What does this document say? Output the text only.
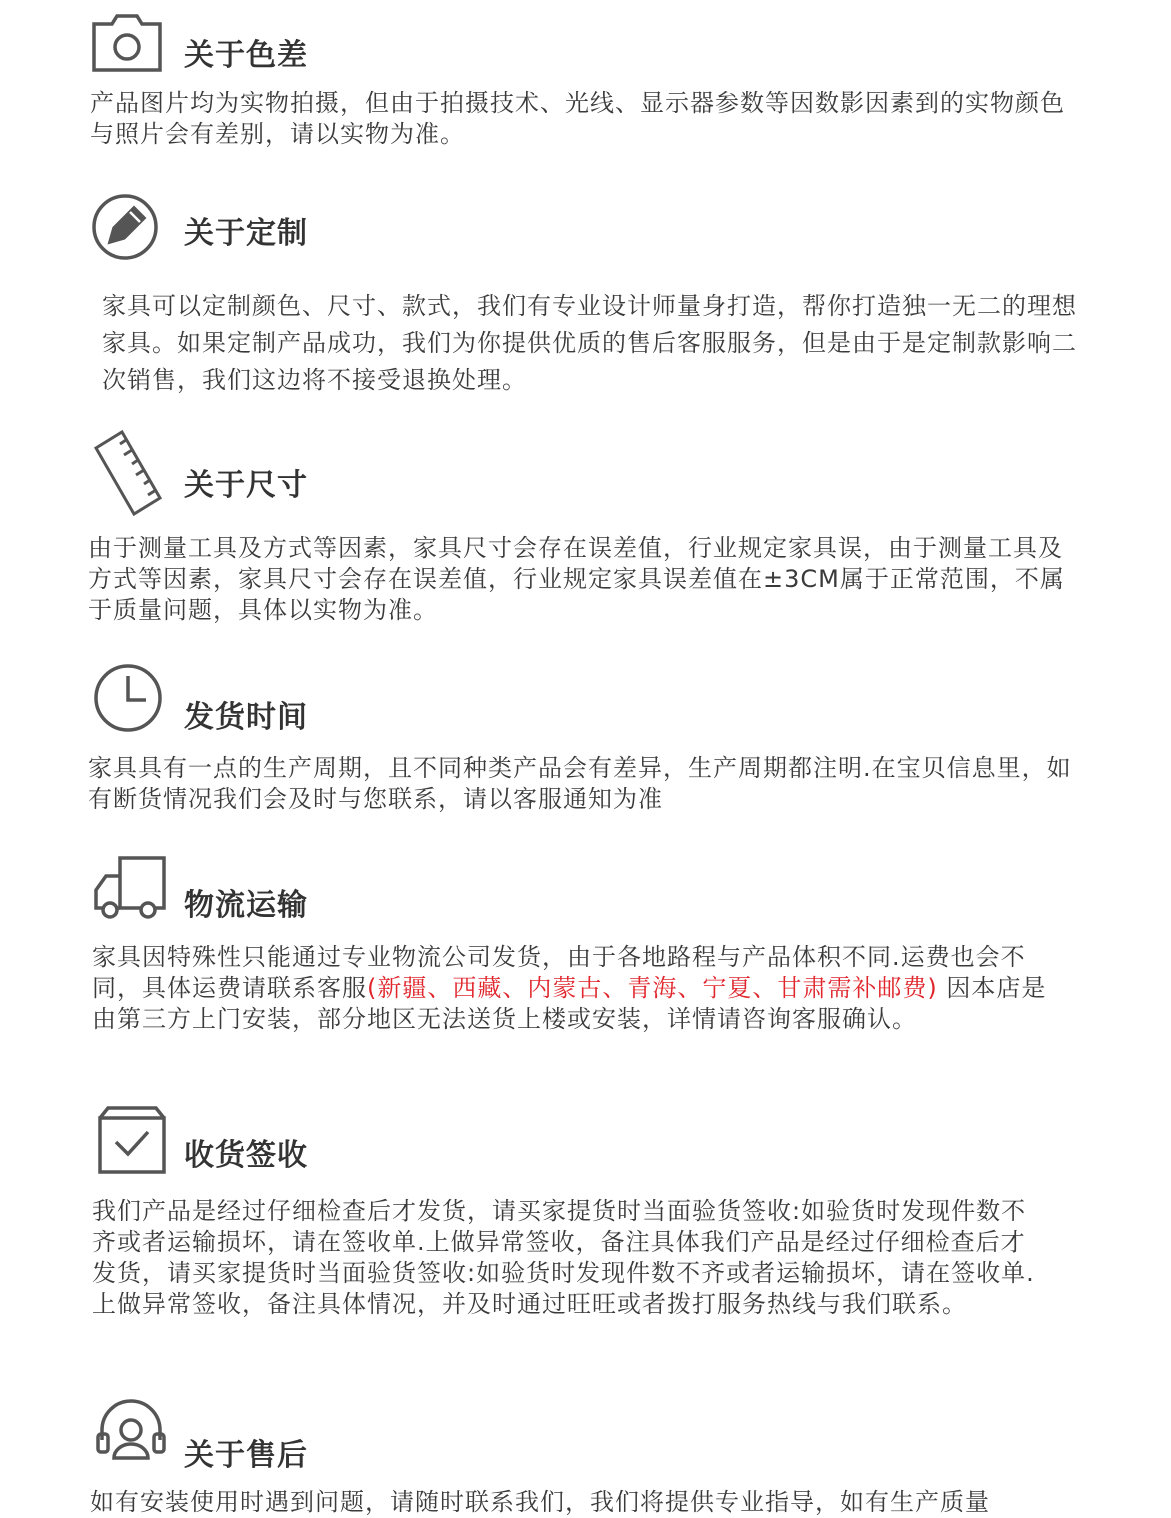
关于色差
产品图片均为实物拍摄，但由于拍摄技术、光线、显示器参数等因数影因素到的实物颜色与照片会有差别，请以实物为准。
关于定制
家具可以定制颜色、尺寸、款式，我们有专业设计师量身打造，帮你打造独一无二的理想家具。如果定制产品成功，我们为你提供优质的售后客服服务，但是由于是定制款影响二次销售，我们这边将不接受退换处理。
关于尺寸
由于测量工具及方式等因素，家具尺寸会存在误差值，行业规定家具误，由于测量工具及方式等因素，家具尺寸会存在误差值，行业规定家具误差值在±3CM属于正常范围，不属于质量问题，具体以实物为准。
发货时间
家具具有一点的生产周期，且不同种类产品会有差异，生产周期都注明.在宝贝信息里，如有断货情况我们会及时与您联系，请以客服通知为准
物流运输
家具因特殊性只能通过专业物流公司发货，由于各地路程与产品体积不同.运费也会不同，具体运费请联系客服(新疆、西藏、内蒙古、青海、宁夏、甘肃需补邮费) 因本店是由第三方上门安装，部分地区无法送货上楼或安装，详情请咨询客服确认。
收货签收
我们产品是经过仔细检查后才发货，请买家提货时当面验货签收:如验货时发现件数不齐或者运输损坏，请在签收单.上做异常签收，备注具体我们产品是经过仔细检查后才发货，请买家提货时当面验货签收:如验货时发现件数不齐或者运输损坏，请在签收单.上做异常签收，备注具体情况，并及时通过旺旺或者拨打服务热线与我们联系。
关于售后
如有安装使用时遇到问题，请随时联系我们，我们将提供专业指导，如有生产质量
